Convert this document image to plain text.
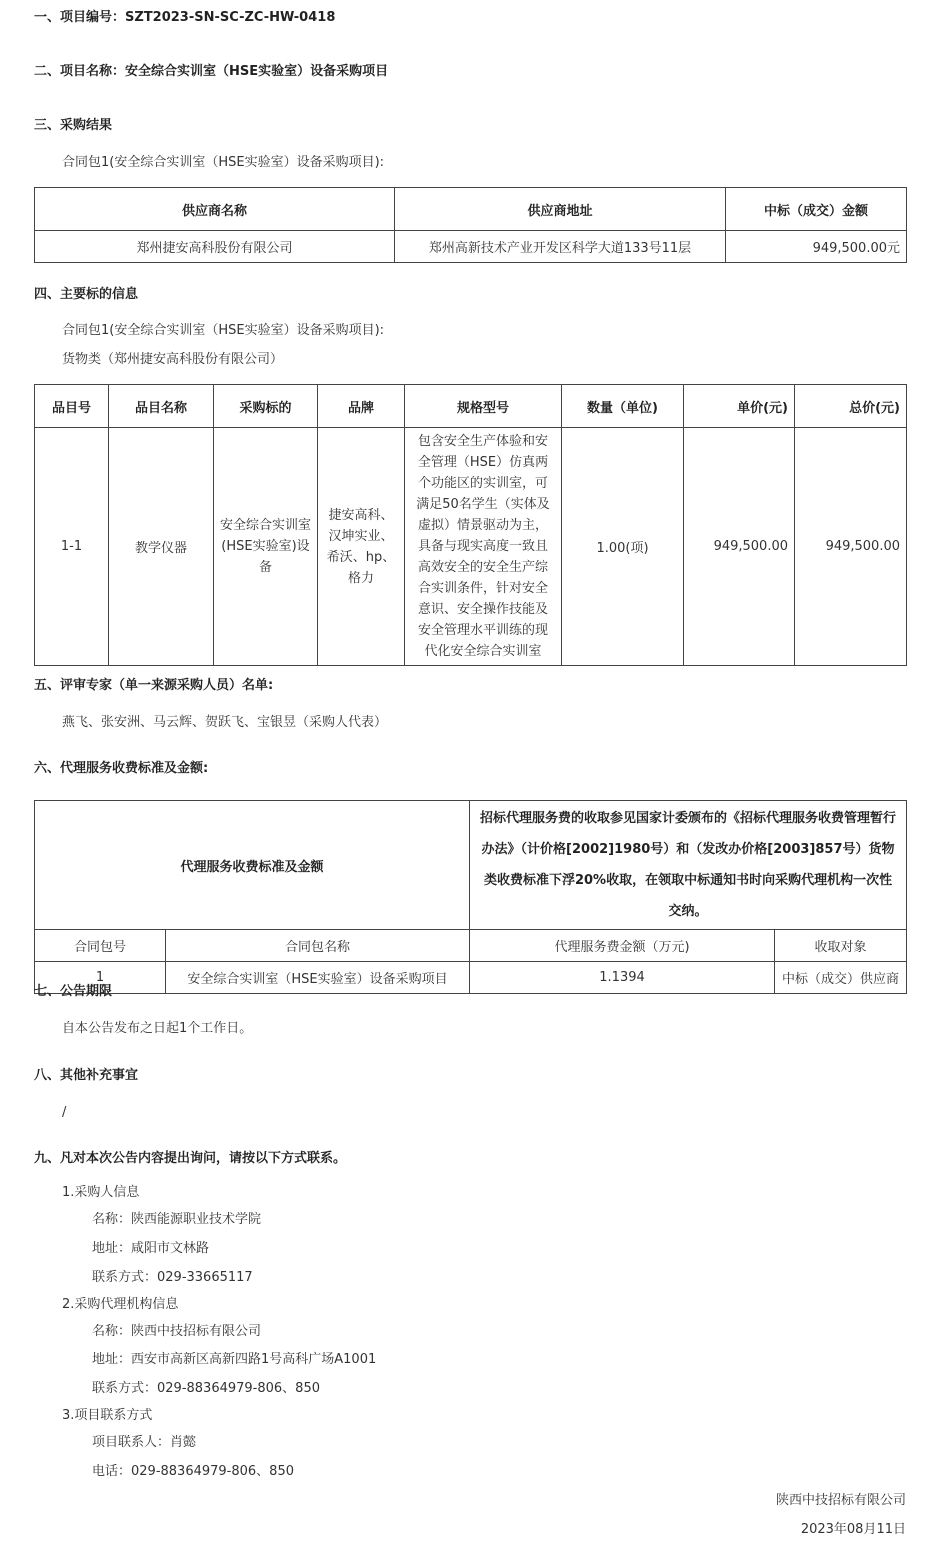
一、项目编号：SZT2023-SN-SC-ZC-HW-0418
二、项目名称：安全综合实训室（HSE实验室）设备采购项目
三、采购结果
合同包1(安全综合实训室（HSE实验室）设备采购项目):
供应商名称	供应商地址	中标（成交）金额
郑州捷安高科股份有限公司	郑州高新技术产业开发区科学大道133号11层	949,500.00元
四、主要标的信息
合同包1(安全综合实训室（HSE实验室）设备采购项目):
货物类（郑州捷安高科股份有限公司）
品目号	品目名称	采购标的	品牌	规格型号	数量（单位)	单价(元)	总价(元)
1-1	教学仪器	安全综合实训室(HSE实验室)设备	捷安高科、汉坤实业、希沃、hp、格力	包含安全生产体验和安全管理（HSE）仿真两个功能区的实训室，可满足50名学生（实体及虚拟）情景驱动为主，具备与现实高度一致且高效安全的安全生产综合实训条件，针对安全意识、安全操作技能及安全管理水平训练的现代化安全综合实训室	1.00(项)	949,500.00	949,500.00
五、评审专家（单一来源采购人员）名单:
燕飞、张安洲、马云辉、贺跃飞、宝银昱（采购人代表）
六、代理服务收费标准及金额:
代理服务收费标准及金额		招标代理服务费的收取参见国家计委颁布的《招标代理服务收费管理暂行办法》（计价格[2002]1980号）和（发改办价格[2003]857号）货物类收费标准下浮20%收取，在领取中标通知书时向采购代理机构一次性交纳。	
合同包号	合同包名称	代理服务费金额（万元)	收取对象
1	安全综合实训室（HSE实验室）设备采购项目	1.1394	中标（成交）供应商
七、公告期限
自本公告发布之日起1个工作日。
八、其他补充事宜
/
九、凡对本次公告内容提出询问，请按以下方式联系。
1.采购人信息
名称：陕西能源职业技术学院
地址：咸阳市文林路
联系方式：029-33665117
2.采购代理机构信息
名称：陕西中技招标有限公司
地址：西安市高新区高新四路1号高科广场A1001
联系方式：029-88364979-806、850
3.项目联系方式
项目联系人：肖懿
电话：029-88364979-806、850
陕西中技招标有限公司
2023年08月11日
